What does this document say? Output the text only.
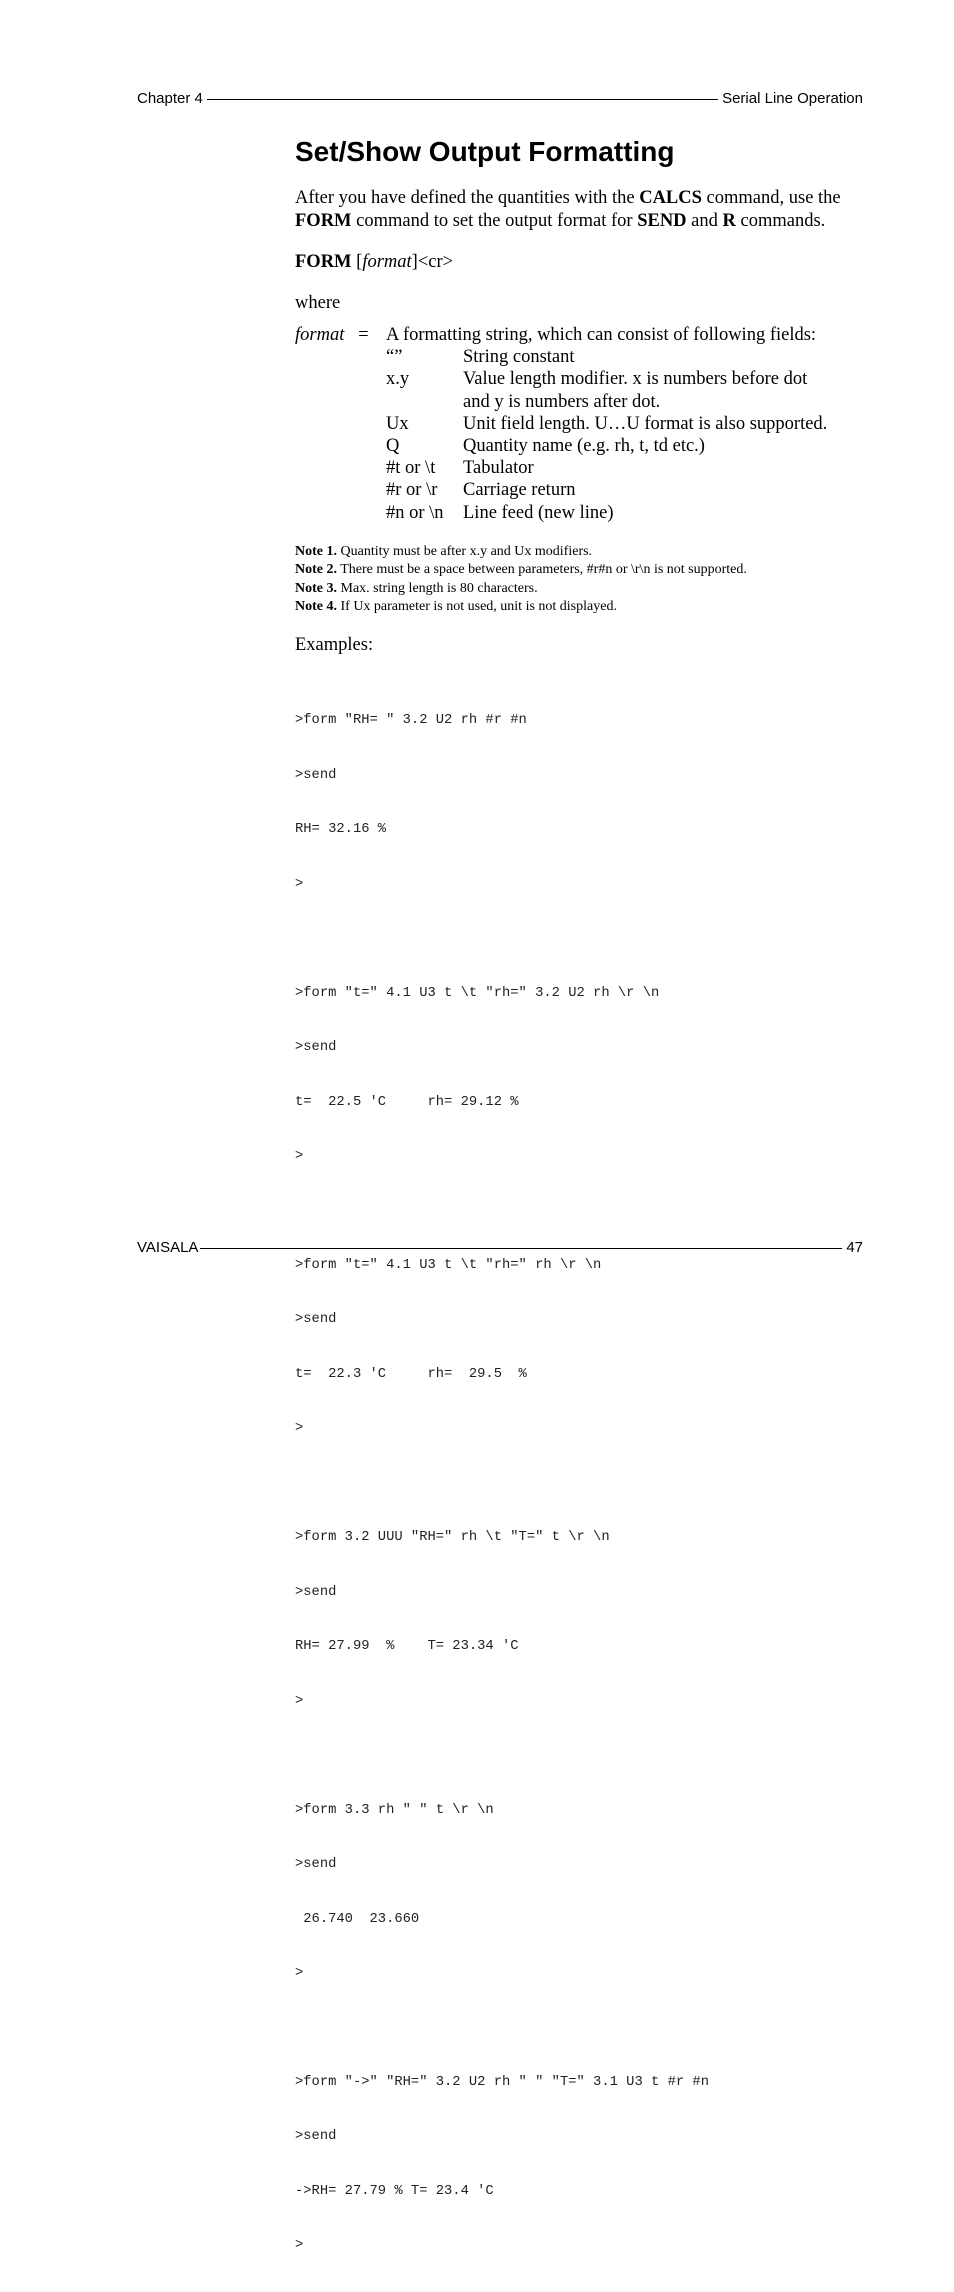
Chapter 4	Serial Line Operation
Set/Show Output Formatting
After you have defined the quantities with the CALCS command, use the
FORM command to set the output format for SEND and R commands.
FORM [format]<cr>
where
format = A formatting string, which can consist of following fields:
“”	String constant
x.y	Value length modifier. x is numbers before dot
and y is numbers after dot.
Ux	Unit field length. U…U format is also supported.
Q	Quantity name (e.g. rh, t, td etc.)
#t or \t	Tabulator
#r or \r	Carriage return
#n or \n	Line feed (new line)
Note 1. Quantity must be after x.y and Ux modifiers.
Note 2. There must be a space between parameters, #r#n or \r\n is not supported.
Note 3. Max. string length is 80 characters.
Note 4. If Ux parameter is not used, unit is not displayed.
Examples:

>form "RH= " 3.2 U2 rh #r #n

>send

RH= 32.16 %

>

>form "t=" 4.1 U3 t \t "rh=" 3.2 U2 rh \r \n

>send

t=  22.5 'C     rh= 29.12 %

>

>form "t=" 4.1 U3 t \t "rh=" rh \r \n

>send

t=  22.3 'C     rh=  29.5  %

>

>form 3.2 UUU "RH=" rh \t "T=" t \r \n

>send

RH= 27.99  %    T= 23.34 'C

>

>form 3.3 rh " " t \r \n

>send

26.740  23.660

>

>form "->" "RH=" 3.2 U2 rh " " "T=" 3.1 U3 t #r #n

>send

->RH= 27.79 % T= 23.4 'C

>

VAISALA	47
